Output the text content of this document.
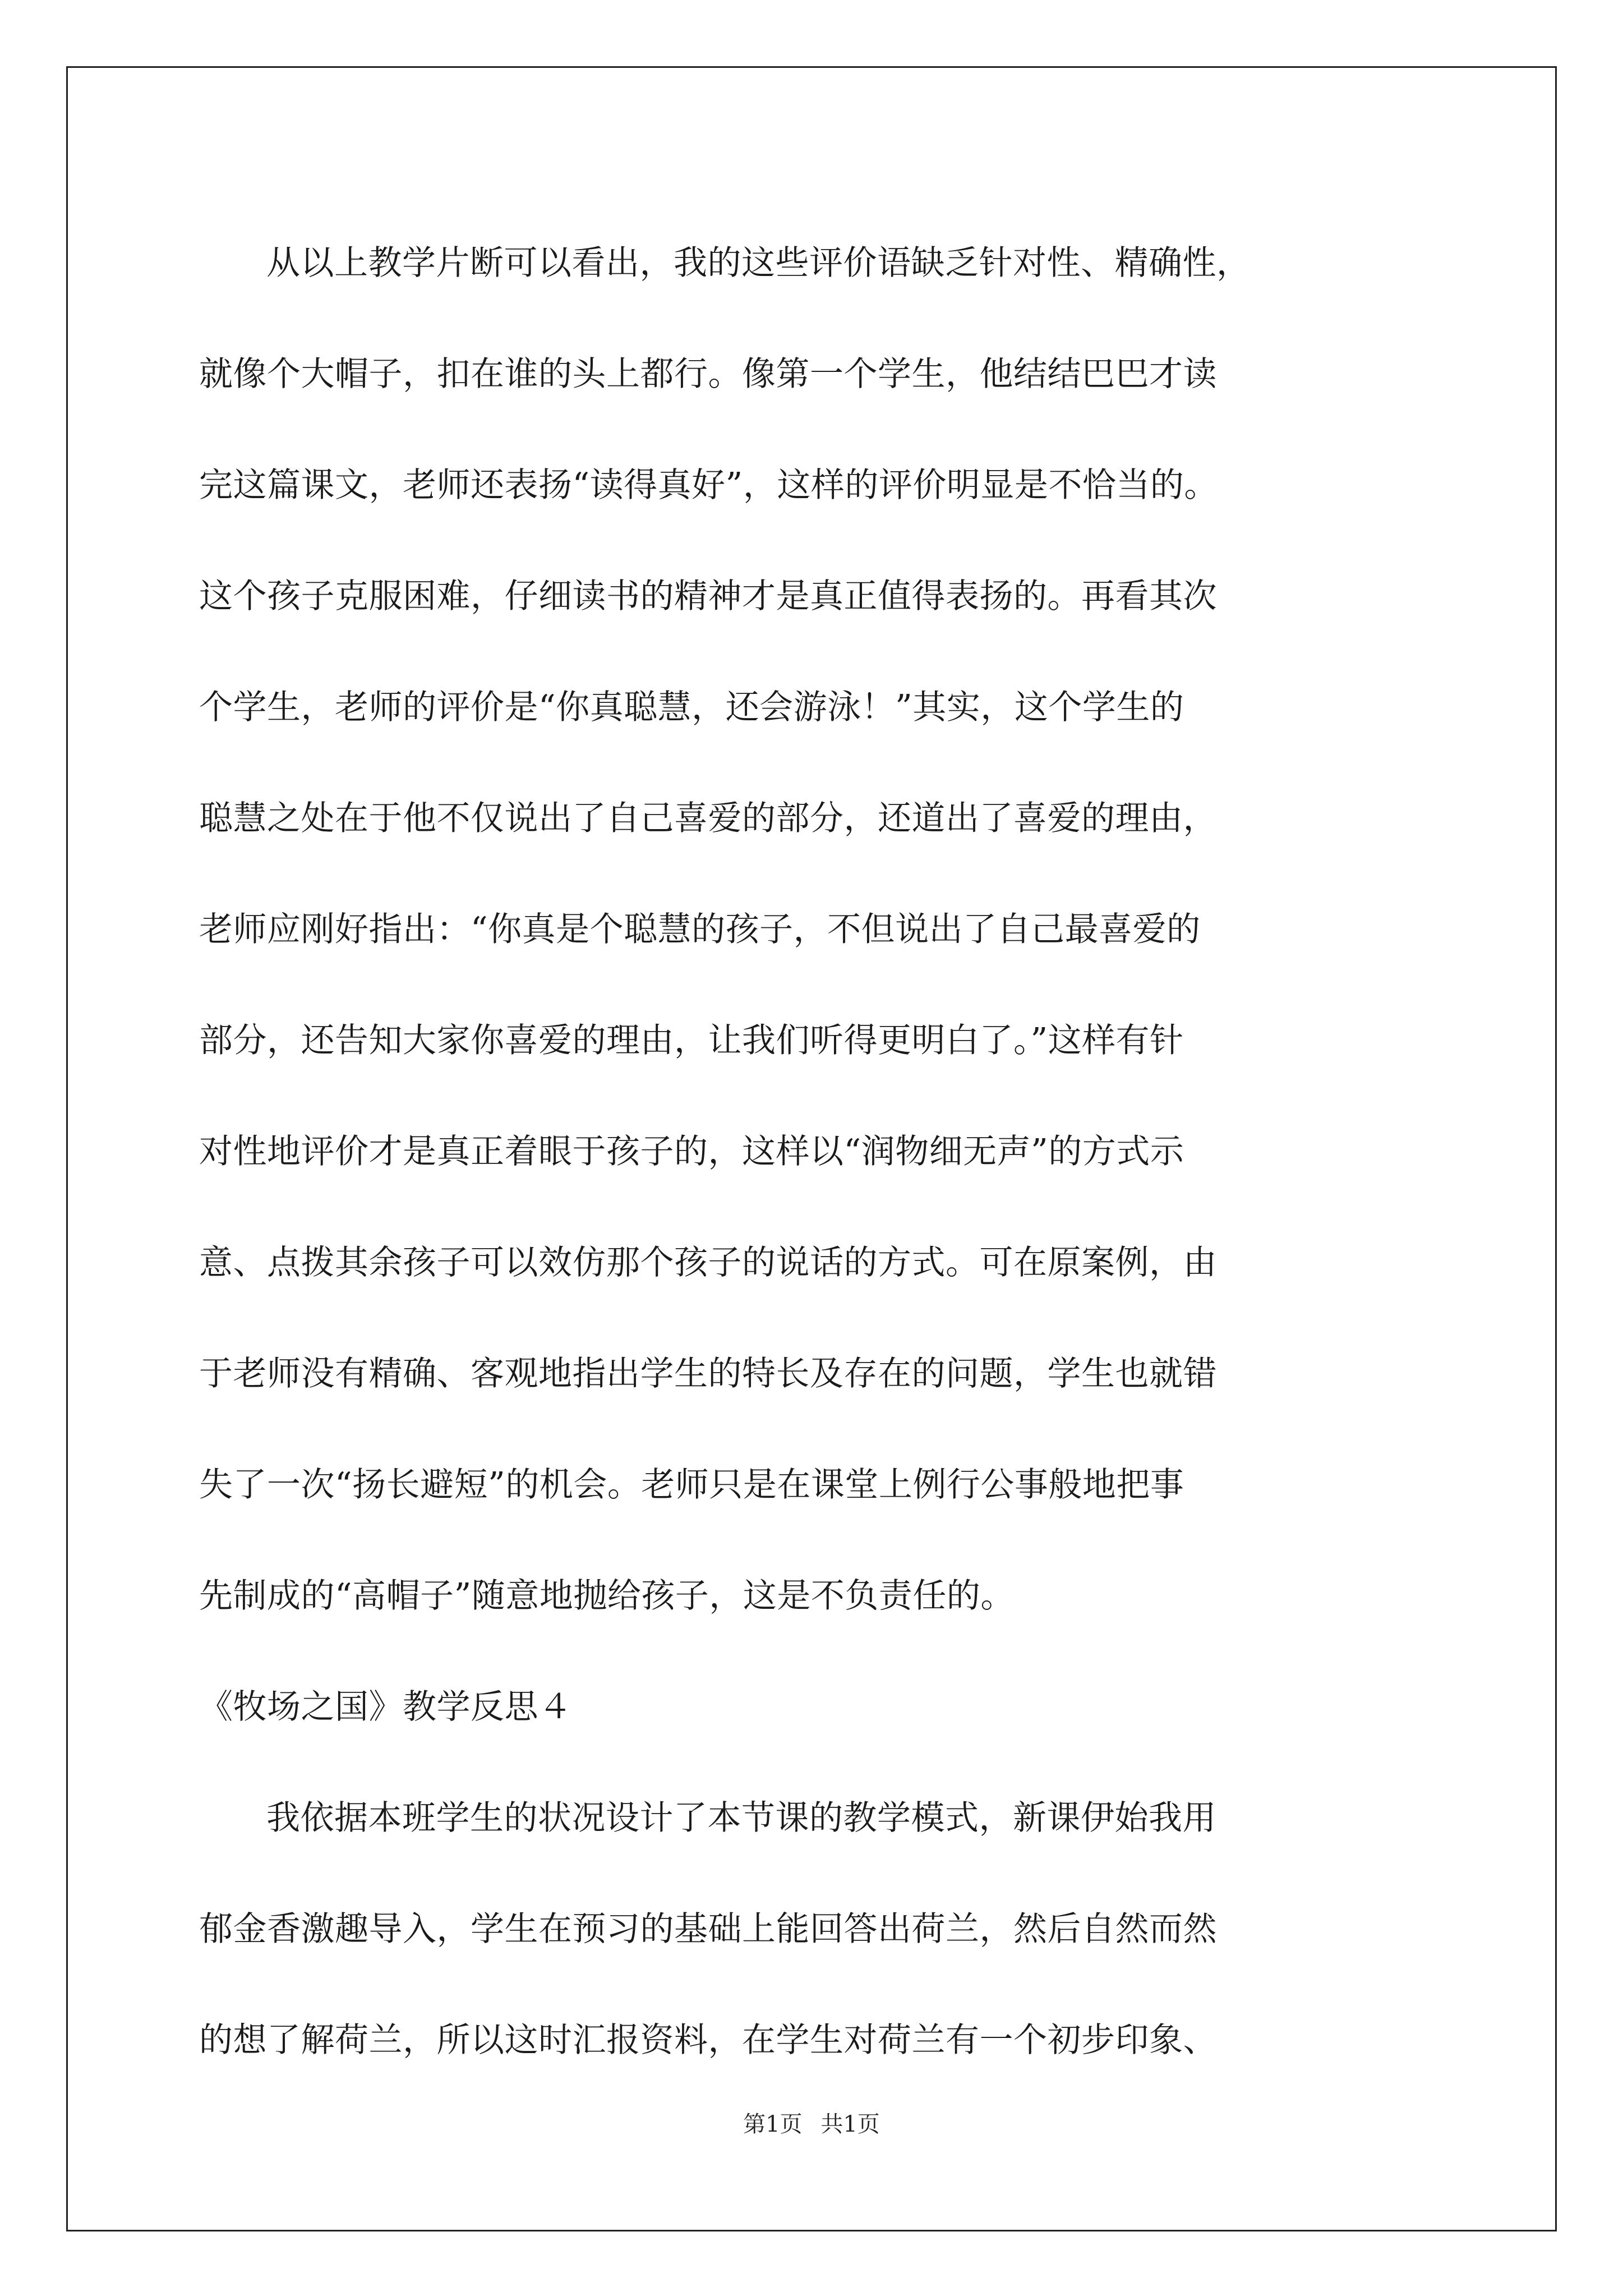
从以上教学片断可以看出，我的这些评价语缺乏针对性、精确性，
就像个大帽子，扣在谁的头上都行。像第一个学生，他结结巴巴才读
完这篇课文，老师还表扬“读得真好”，这样的评价明显是不恰当的。
这个孩子克服困难，仔细读书的精神才是真正值得表扬的。再看其次
个学生，老师的评价是“你真聪慧，还会游泳！”其实，这个学生的
聪慧之处在于他不仅说出了自己喜爱的部分，还道出了喜爱的理由，
老师应刚好指出：“你真是个聪慧的孩子，不但说出了自己最喜爱的
部分，还告知大家你喜爱的理由，让我们听得更明白了。”这样有针
对性地评价才是真正着眼于孩子的，这样以“润物细无声”的方式示
意、点拨其余孩子可以效仿那个孩子的说话的方式。可在原案例，由
于老师没有精确、客观地指出学生的特长及存在的问题，学生也就错
失了一次“扬长避短”的机会。老师只是在课堂上例行公事般地把事
先制成的“高帽子”随意地抛给孩子，这是不负责任的。
《牧场之国》教学反思４
我依据本班学生的状况设计了本节课的教学模式，新课伊始我用
郁金香激趣导入，学生在预习的基础上能回答出荷兰，然后自然而然
的想了解荷兰，所以这时汇报资料，在学生对荷兰有一个初步印象、
第1页 共1页
